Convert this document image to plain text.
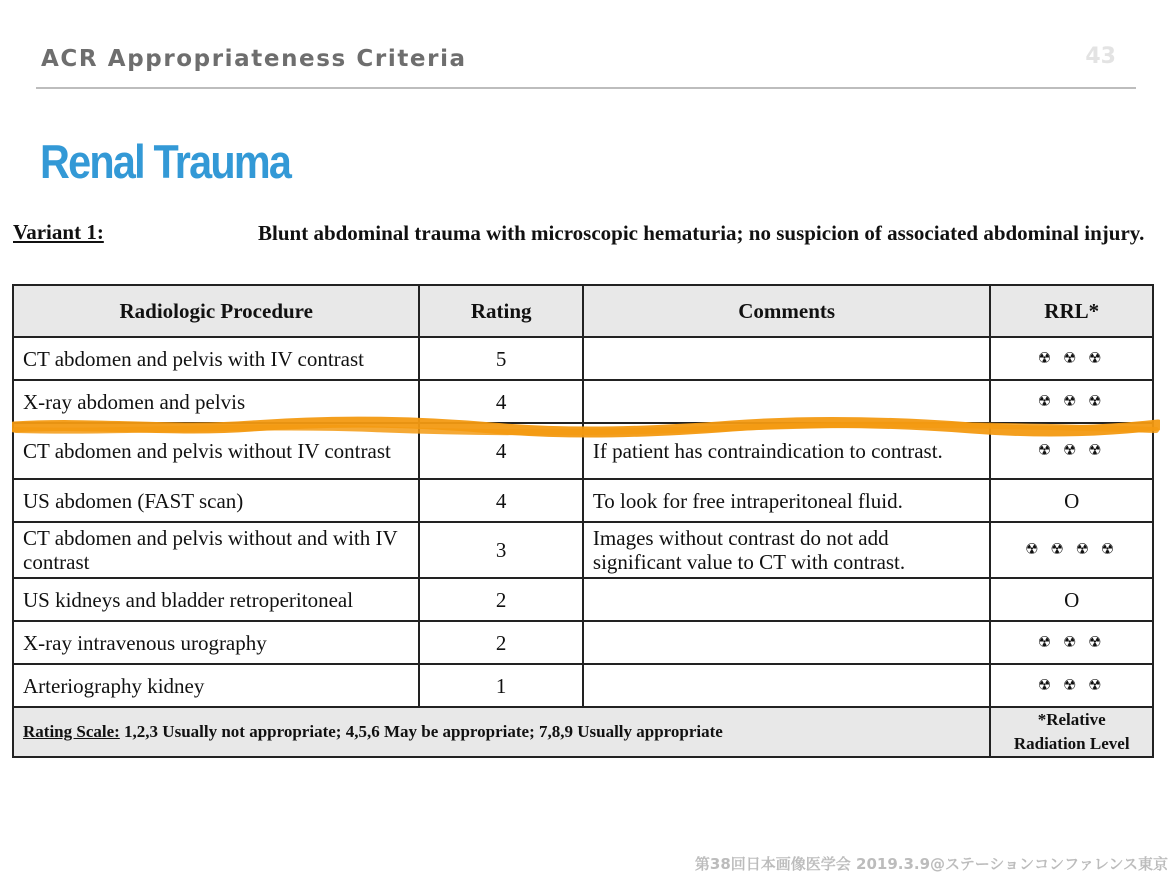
ACR Appropriateness Criteria	43
Renal Trauma
Variant 1:	Blunt abdominal trauma with microscopic hematuria; no suspicion of associated abdominal injury.
Radiologic Procedure	Rating	Comments	RRL*
CT abdomen and pelvis with IV contrast	5		☢ ☢ ☢
X-ray abdomen and pelvis	4		☢ ☢ ☢
CT abdomen and pelvis without IV contrast	4	If patient has contraindication to contrast.	☢ ☢ ☢
US abdomen (FAST scan)	4	To look for free intraperitoneal fluid.	O
CT abdomen and pelvis without and with IV contrast	3	Images without contrast do not add significant value to CT with contrast.	☢ ☢ ☢ ☢
US kidneys and bladder retroperitoneal	2		O
X-ray intravenous urography	2		☢ ☢ ☢
Arteriography kidney	1		☢ ☢ ☢
Rating Scale: 1,2,3 Usually not appropriate; 4,5,6 May be appropriate; 7,8,9 Usually appropriate			*Relative
Radiation Level
第38回日本画像医学会 2019.3.9@ステーションコンファレンス東京
